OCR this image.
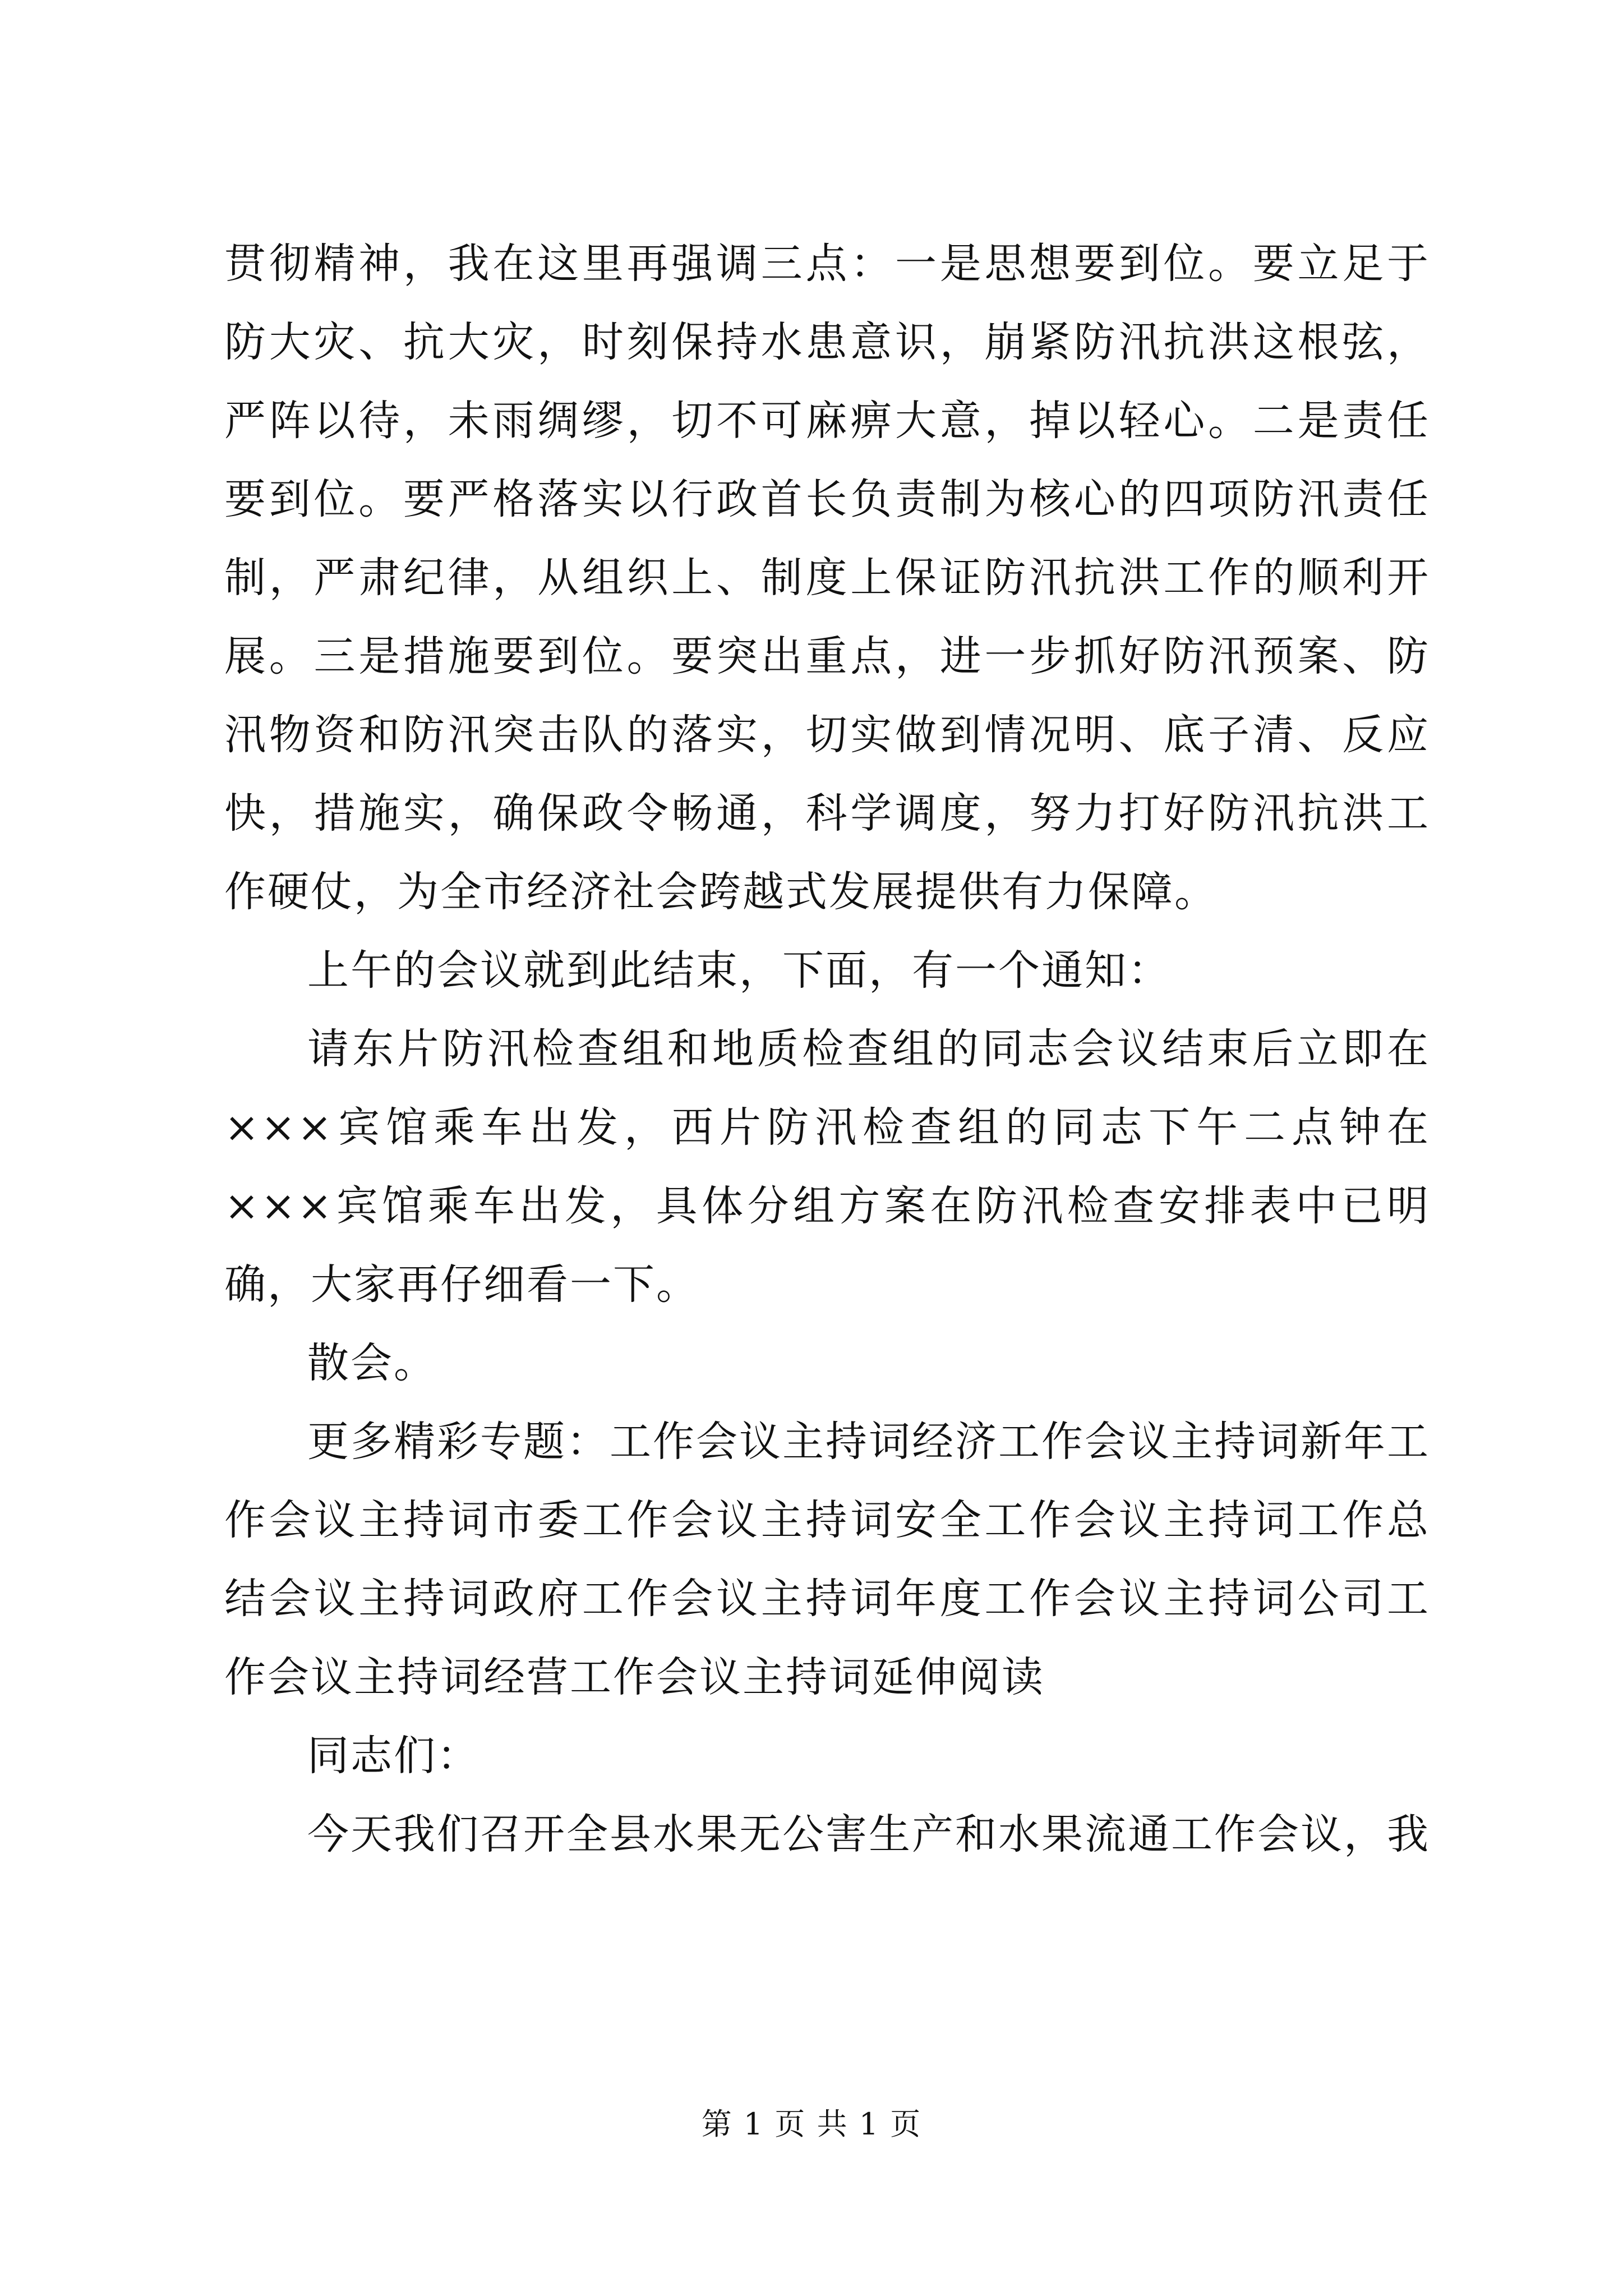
贯彻精神，我在这里再强调三点：一是思想要到位。要立足于防大灾、抗大灾，时刻保持水患意识，崩紧防汛抗洪这根弦，严阵以待，未雨绸缪，切不可麻痹大意，掉以轻心。二是责任要到位。要严格落实以行政首长负责制为核心的四项防汛责任制，严肃纪律，从组织上、制度上保证防汛抗洪工作的顺利开展。三是措施要到位。要突出重点，进一步抓好防汛预案、防汛物资和防汛突击队的落实，切实做到情况明、底子清、反应快，措施实，确保政令畅通，科学调度，努力打好防汛抗洪工作硬仗，为全市经济社会跨越式发展提供有力保障。

上午的会议就到此结束，下面，有一个通知：

请东片防汛检查组和地质检查组的同志会议结束后立即在×××宾馆乘车出发，西片防汛检查组的同志下午二点钟在×××宾馆乘车出发，具体分组方案在防汛检查安排表中已明确，大家再仔细看一下。

散会。

更多精彩专题：工作会议主持词经济工作会议主持词新年工作会议主持词市委工作会议主持词安全工作会议主持词工作总结会议主持词政府工作会议主持词年度工作会议主持词公司工作会议主持词经营工作会议主持词延伸阅读

同志们：

今天我们召开全县水果无公害生产和水果流通工作会议，我

第 1 页 共 1 页
